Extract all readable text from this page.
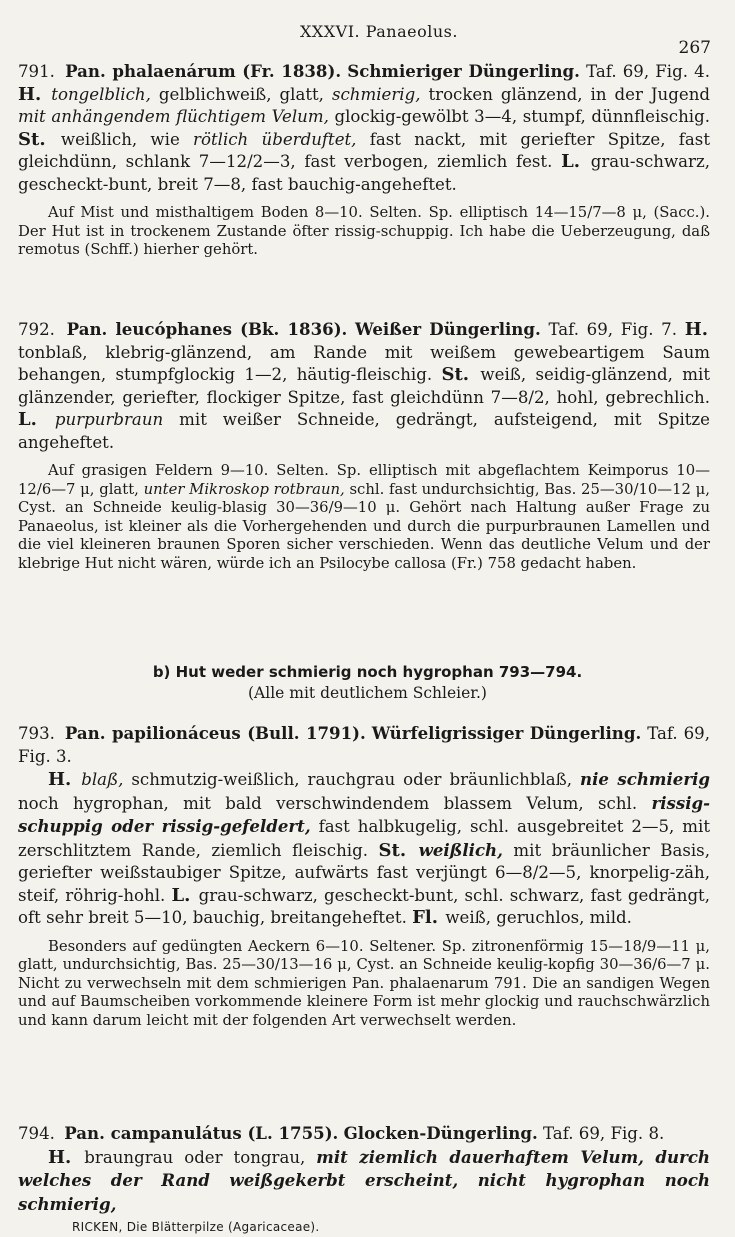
XXXVI. Panaeolus.
267

791. Pan. phalaenárum (Fr. 1838). Schmieriger Düngerling. Taf. 69, Fig. 4. H. tongelblich, gelblichweiß, glatt, schmierig, trocken glänzend, in der Jugend mit anhängendem flüchtigem Velum, glockig-gewölbt 3—4, stumpf, dünnfleischig. St. weißlich, wie rötlich überduftet, fast nackt, mit geriefter Spitze, fast gleichdünn, schlank 7—12/2—3, fast verbogen, ziemlich fest. L. grau-schwarz, gescheckt-bunt, breit 7—8, fast bauchig-angeheftet.

Auf Mist und misthaltigem Boden 8—10. Selten. Sp. elliptisch 14—15/7—8 μ, (Sacc.). Der Hut ist in trockenem Zustande öfter rissig-schuppig. Ich habe die Ueberzeugung, daß remotus (Schff.) hierher gehört.

792. Pan. leucóphanes (Bk. 1836). Weißer Düngerling. Taf. 69, Fig. 7. H. tonblaß, klebrig-glänzend, am Rande mit weißem gewebeartigem Saum behangen, stumpfglockig 1—2, häutig-fleischig. St. weiß, seidig-glänzend, mit glänzender, geriefter, flockiger Spitze, fast gleichdünn 7—8/2, hohl, gebrechlich. L. purpurbraun mit weißer Schneide, gedrängt, aufsteigend, mit Spitze angeheftet.

Auf grasigen Feldern 9—10. Selten. Sp. elliptisch mit abgeflachtem Keimporus 10—12/6—7 μ, glatt, unter Mikroskop rotbraun, schl. fast undurchsichtig, Bas. 25—30/10—12 μ, Cyst. an Schneide keulig-blasig 30—36/9—10 μ. Gehört nach Haltung außer Frage zu Panaeolus, ist kleiner als die Vorhergehenden und durch die purpurbraunen Lamellen und die viel kleineren braunen Sporen sicher verschieden. Wenn das deutliche Velum und der klebrige Hut nicht wären, würde ich an Psilocybe callosa (Fr.) 758 gedacht haben.

b) Hut weder schmierig noch hygrophan 793—794.
(Alle mit deutlichem Schleier.)

793. Pan. papilionáceus (Bull. 1791). Würfeligrissiger Düngerling. Taf. 69, Fig. 3.

H. blaß, schmutzig-weißlich, rauchgrau oder bräunlichblaß, nie schmierig noch hygrophan, mit bald verschwindendem blassem Velum, schl. rissig-schuppig oder rissig-gefeldert, fast halbkugelig, schl. ausgebreitet 2—5, mit zerschlitztem Rande, ziemlich fleischig. St. weißlich, mit bräunlicher Basis, geriefter weißstaubiger Spitze, aufwärts fast verjüngt 6—8/2—5, knorpelig-zäh, steif, röhrig-hohl. L. grau-schwarz, gescheckt-bunt, schl. schwarz, fast gedrängt, oft sehr breit 5—10, bauchig, breitangeheftet. Fl. weiß, geruchlos, mild.

Besonders auf gedüngten Aeckern 6—10. Seltener. Sp. zitronenförmig 15—18/9—11 μ, glatt, undurchsichtig, Bas. 25—30/13—16 μ, Cyst. an Schneide keulig-kopfig 30—36/6—7 μ. Nicht zu verwechseln mit dem schmierigen Pan. phalaenarum 791. Die an sandigen Wegen und auf Baumscheiben vorkommende kleinere Form ist mehr glockig und rauchschwärzlich und kann darum leicht mit der folgenden Art verwechselt werden.

794. Pan. campanulátus (L. 1755). Glocken-Düngerling. Taf. 69, Fig. 8.

H. braungrau oder tongrau, mit ziemlich dauerhaftem Velum, durch welches der Rand weißgekerbt erscheint, nicht hygrophan noch schmierig,

RICKEN, Die Blätterpilze (Agaricaceae).
